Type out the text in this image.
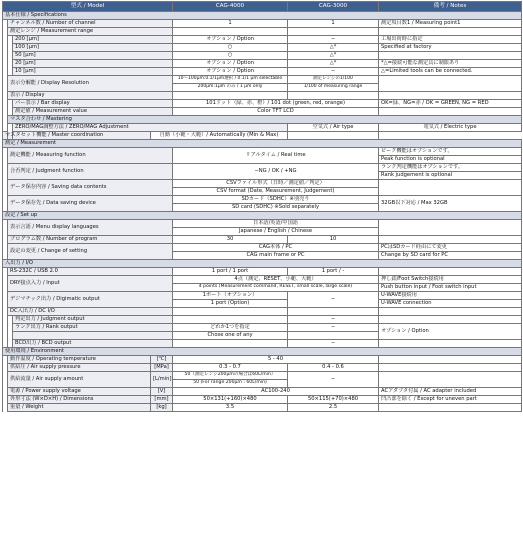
型式 / Model				CAG-4000	CAG-3000	備考 / Notes	
基本仕様 / Specifications							
	チャンネル数 / Number of channel			1	1	測定項目数1 / Measuring point1	
	測定レンジ / Measurement range						
		200 [μm]		オプション / Option	−	工場出荷時に指定	
		100 [μm]		○	△*	Specified at factory	
		50 [μm]		○	△*		
		20 [μm]		オプション / Option	△*	*△=接続可能な測定具に制限あり	
		10 [μm]		オプション / Option	−	△=Limited tools can be connected.	
	表示分解能 / Display Resolution			10〜100μm:0.1/1μm選択 / 0.1/1 μm selectable	測定レンジの1/100		
				200μm:1μm のみ / 1 μm only	1/100 of measuring range		
	表示 / Display						
		バー表示 / Bar display		101ドット（緑、赤、橙）/ 101 dot (green, red, orange)		OK=緑、NG=赤 / OK = GREEN, NG = RED	
		測定値 / Measurement value		Color TFT LCD			
	マスタ合わせ / Mastering						
		ZERO/MAG調整方法 / ZERO/MAG Adjustment			空気式 / Air type	電気式 / Electric type	
マスタセット機能 / Master coordination			自動（小範・大範）/ Automatically (Min & Max)				
測定 / Measurement							
	測定機能 / Measuring function			リアルタイム / Real time		ピーク機能はオプションです。	
						Peak function is optional	
	合否判定 / Judgment function			−NG / OK / +NG		ランク判定機能はオプションです。	
						Rank judgement is optional	
	データ保存内容 / Saving data contents			CSVファイル形式（日時／測定値／判定）			
				CSV format (Date, Measurement, Judgement)			
	データ保存先 / Data saving device			SDカード（SDHC）※別売り		32GB以下対応 / Max 32GB	
				SD card (SDHC) ※Sold separately			
設定 / Set up							
	表示言語 / Menu display languages			日本語/英語/中国語			
				Japanese / English / Chinese			
	プログラム数 / Number of program			30	10		
	設定の変更 / Change of setting			CAG本体 / PC		PCはSDカード経由にて変更	
				CAG main frame or PC		Change by SD card for PC	
入出力 / I/O							
	RS-232C / USB 2.0			1 port / 1 port	1 port / -		
	DRY接点入力 / Input			4点（測定、RESET、小範、大範）		押し釦/Foot Switch接続用	
				4 points (Measurement command, RESET, small scale, large scale)		Push button input / Foot switch input	
	デジマチック出力 / Digimatic output			1ポート（オプション）	−	U-WAVE接続用	
				1 port (Option)		U-WAVE connection	
	DC入出力 / DC I/O						
		判定出力 / Judgment output			−		

		ランク出力 / Rank output		どれか1つを指定	−	オプション / Option	
				Chose one of any			
		BCD出力 / BCD output			−		
使用環境 / Environment							
	動作温度 / Operating temperature		[℃]	5 - 40			
	供給圧 / Air supply pressure		[MPa]	0.3 - 0.7	0.4 - 0.6		
	供給流量 / Air supply amount		[L/min]	50（測定レンジ200μmの場合は60L/min）	−		
				50 (For range 200μm : 60L/min)			
	電源 / Power supply voltage		[V]	AC100-240		ACアダプタ付属 / AC adapter included	
	外形寸法 (W×D×H) / Dimensions		[mm]	50×131(+160)×480	50×115(+70)×480	凹凸部を除く / Except for uneven part	
	重量 / Weight		[kg]	3.5	2.5		
